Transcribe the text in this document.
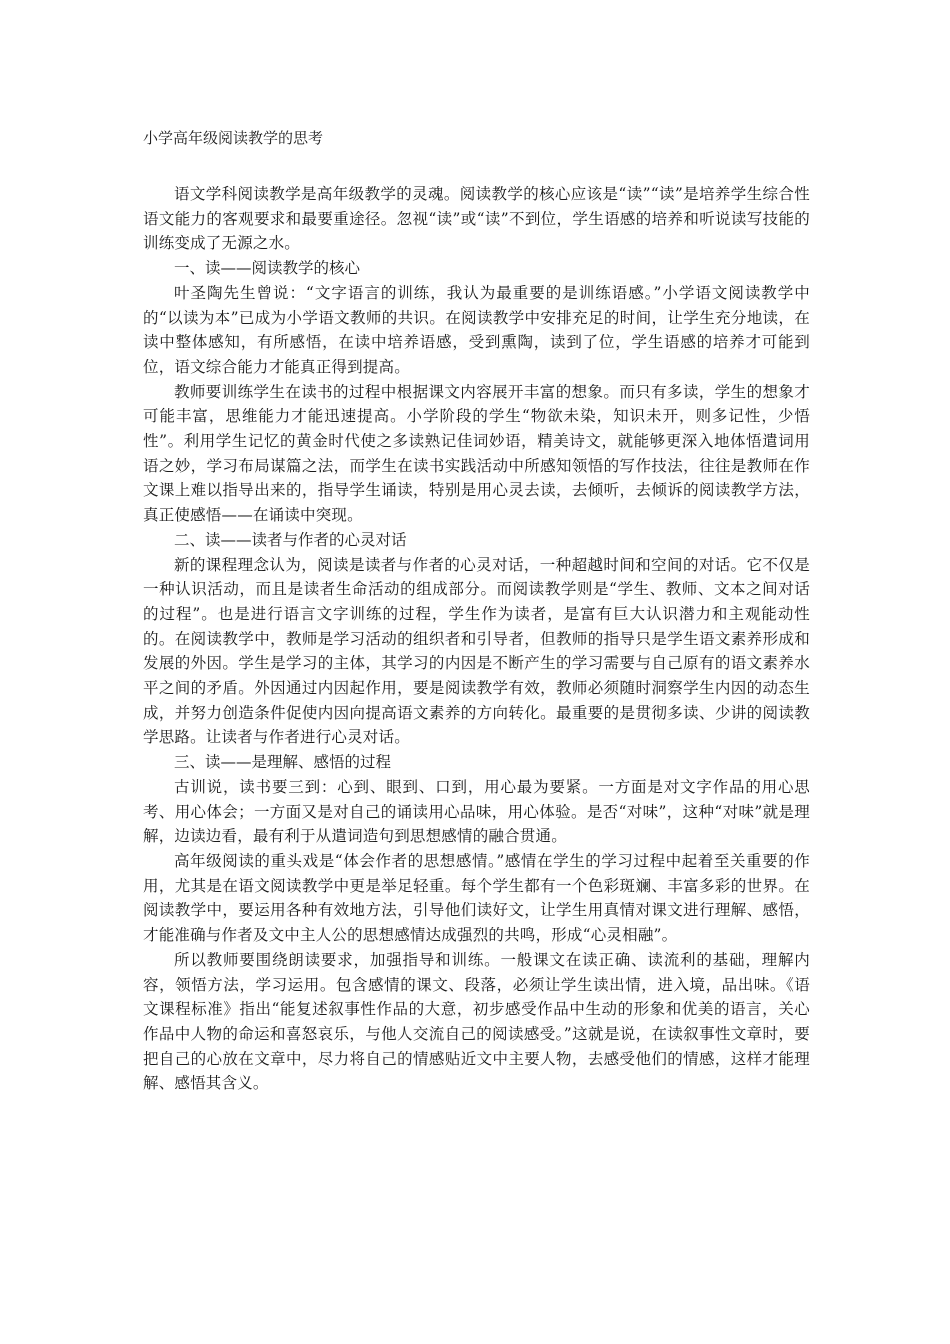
小学高年级阅读教学的思考

语文学科阅读教学是高年级教学的灵魂。阅读教学的核心应该是“读”“读”是培养学生综合性语文能力的客观要求和最要重途径。忽视“读”或“读”不到位，学生语感的培养和听说读写技能的训练变成了无源之水。

一、读——阅读教学的核心

叶圣陶先生曾说：“文字语言的训练，我认为最重要的是训练语感。”小学语文阅读教学中的“以读为本”已成为小学语文教师的共识。在阅读教学中安排充足的时间，让学生充分地读，在读中整体感知，有所感悟，在读中培养语感，受到熏陶，读到了位，学生语感的培养才可能到位，语文综合能力才能真正得到提高。

教师要训练学生在读书的过程中根据课文内容展开丰富的想象。而只有多读，学生的想象才可能丰富，思维能力才能迅速提高。小学阶段的学生“物欲未染，知识未开，则多记性，少悟性”。利用学生记忆的黄金时代使之多读熟记佳词妙语，精美诗文，就能够更深入地体悟遣词用语之妙，学习布局谋篇之法，而学生在读书实践活动中所感知领悟的写作技法，往往是教师在作文课上难以指导出来的，指导学生诵读，特别是用心灵去读，去倾听，去倾诉的阅读教学方法，真正使感悟——在诵读中突现。

二、读——读者与作者的心灵对话

新的课程理念认为，阅读是读者与作者的心灵对话，一种超越时间和空间的对话。它不仅是一种认识活动，而且是读者生命活动的组成部分。而阅读教学则是“学生、教师、文本之间对话的过程”。也是进行语言文字训练的过程，学生作为读者，是富有巨大认识潜力和主观能动性的。在阅读教学中，教师是学习活动的组织者和引导者，但教师的指导只是学生语文素养形成和发展的外因。学生是学习的主体，其学习的内因是不断产生的学习需要与自己原有的语文素养水平之间的矛盾。外因通过内因起作用，要是阅读教学有效，教师必须随时洞察学生内因的动态生成，并努力创造条件促使内因向提高语文素养的方向转化。最重要的是贯彻多读、少讲的阅读教学思路。让读者与作者进行心灵对话。

三、读——是理解、感悟的过程

古训说，读书要三到：心到、眼到、口到，用心最为要紧。一方面是对文字作品的用心思考、用心体会；一方面又是对自己的诵读用心品味，用心体验。是否“对味”，这种“对味”就是理解，边读边看，最有利于从遣词造句到思想感情的融合贯通。

高年级阅读的重头戏是“体会作者的思想感情。”感情在学生的学习过程中起着至关重要的作用，尤其是在语文阅读教学中更是举足轻重。每个学生都有一个色彩斑斓、丰富多彩的世界。在阅读教学中，要运用各种有效地方法，引导他们读好文，让学生用真情对课文进行理解、感悟，才能准确与作者及文中主人公的思想感情达成强烈的共鸣，形成“心灵相融”。

所以教师要围绕朗读要求，加强指导和训练。一般课文在读正确、读流利的基础，理解内容，领悟方法，学习运用。包含感情的课文、段落，必须让学生读出情，进入境，品出味。《语文课程标准》指出“能复述叙事性作品的大意，初步感受作品中生动的形象和优美的语言，关心作品中人物的命运和喜怒哀乐，与他人交流自己的阅读感受。”这就是说，在读叙事性文章时，要把自己的心放在文章中，尽力将自己的情感贴近文中主要人物，去感受他们的情感，这样才能理解、感悟其含义。
